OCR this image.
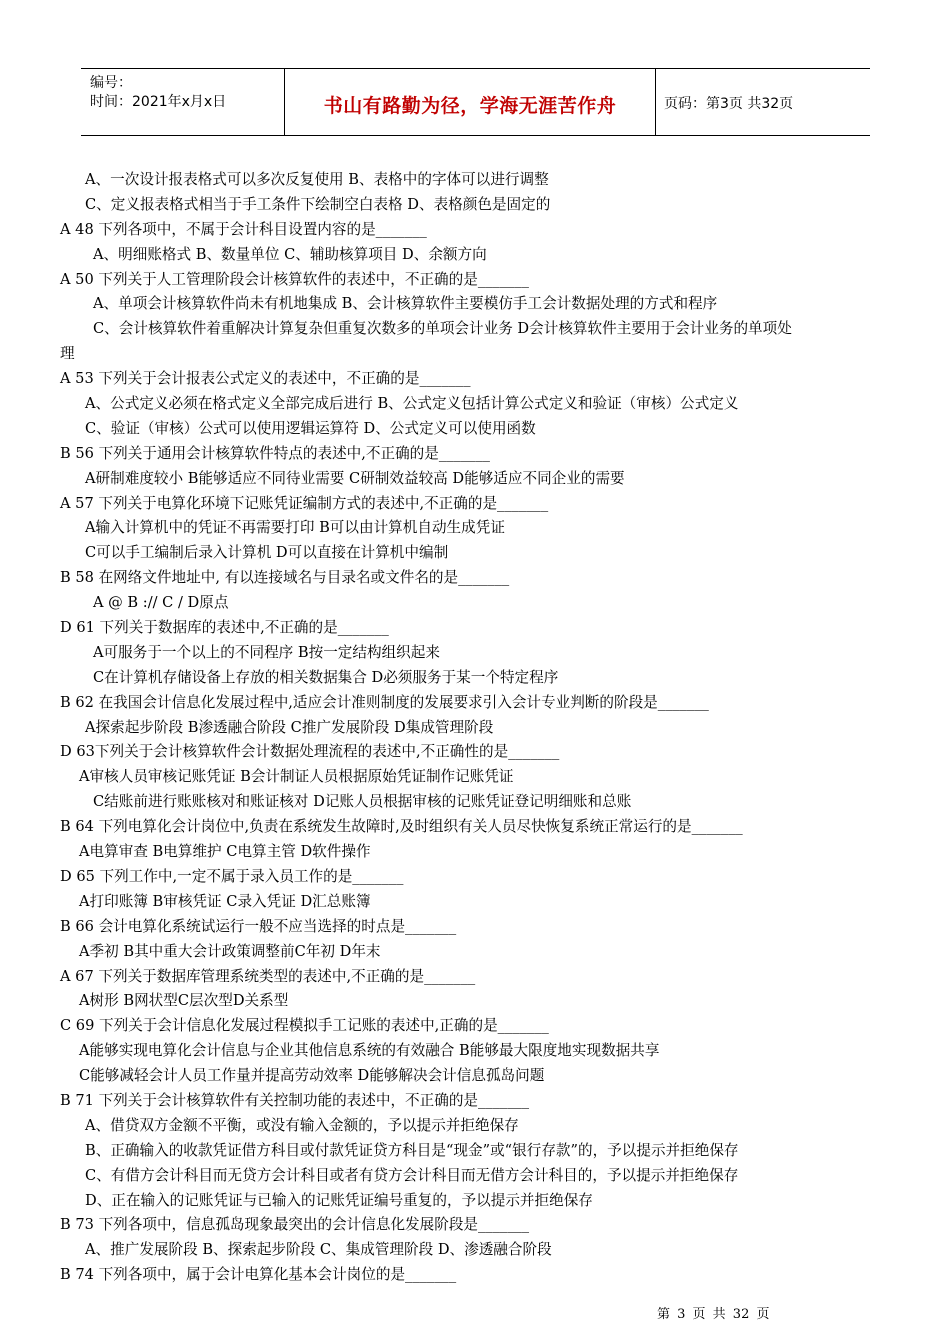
编号：
时间：2021年x月x日	书山有路勤为径，学海无涯苦作舟	页码：第3页 共32页
A、一次设计报表格式可以多次反复使用 B、表格中的字体可以进行调整
C、定义报表格式相当于手工条件下绘制空白表格 D、表格颜色是固定的
A 48 下列各项中，不属于会计科目设置内容的是_______
A、明细账格式 B、数量单位 C、辅助核算项目 D、余额方向
A 50 下列关于人工管理阶段会计核算软件的表述中，不正确的是_______
A、单项会计核算软件尚未有机地集成 B、会计核算软件主要模仿手工会计数据处理的方式和程序
C、会计核算软件着重解决计算复杂但重复次数多的单项会计业务 D会计核算软件主要用于会计业务的单项处
理
A 53 下列关于会计报表公式定义的表述中，不正确的是_______
A、公式定义必须在格式定义全部完成后进行 B、公式定义包括计算公式定义和验证（审核）公式定义
C、验证（审核）公式可以使用逻辑运算符 D、公式定义可以使用函数
B 56 下列关于通用会计核算软件特点的表述中,不正确的是_______
A研制难度较小 B能够适应不同待业需要 C研制效益较高 D能够适应不同企业的需要
A 57 下列关于电算化环境下记账凭证编制方式的表述中,不正确的是_______
A输入计算机中的凭证不再需要打印 B可以由计算机自动生成凭证
C可以手工编制后录入计算机 D可以直接在计算机中编制
B 58 在网络文件地址中, 有以连接域名与目录名或文件名的是_______
A @ B :// C / D原点
D 61 下列关于数据库的表述中,不正确的是_______
A可服务于一个以上的不同程序 B按一定结构组织起来
C在计算机存储设备上存放的相关数据集合 D必须服务于某一个特定程序
B 62 在我国会计信息化发展过程中,适应会计准则制度的发展要求引入会计专业判断的阶段是_______
A探索起步阶段 B渗透融合阶段 C推广发展阶段 D集成管理阶段
D 63下列关于会计核算软件会计数据处理流程的表述中,不正确性的是_______
A审核人员审核记账凭证 B会计制证人员根据原始凭证制作记账凭证
C结账前进行账账核对和账证核对 D记账人员根据审核的记账凭证登记明细账和总账
B 64 下列电算化会计岗位中,负责在系统发生故障时,及时组织有关人员尽快恢复系统正常运行的是_______
A电算审查 B电算维护 C电算主管 D软件操作
D 65 下列工作中,一定不属于录入员工作的是_______
A打印账簿 B审核凭证 C录入凭证 D汇总账簿
B 66 会计电算化系统试运行一般不应当选择的时点是_______
A季初 B其中重大会计政策调整前C年初 D年末
A 67 下列关于数据库管理系统类型的表述中,不正确的是_______
A树形 B网状型C层次型D关系型
C 69 下列关于会计信息化发展过程模拟手工记账的表述中,正确的是_______
A能够实现电算化会计信息与企业其他信息系统的有效融合 B能够最大限度地实现数据共享
C能够减轻会计人员工作量并提高劳动效率 D能够解决会计信息孤岛问题
B 71 下列关于会计核算软件有关控制功能的表述中，不正确的是_______
A、借贷双方金额不平衡，或没有输入金额的，予以提示并拒绝保存
B、正确输入的收款凭证借方科目或付款凭证贷方科目是“现金”或“银行存款”的，予以提示并拒绝保存
C、有借方会计科目而无贷方会计科目或者有贷方会计科目而无借方会计科目的，予以提示并拒绝保存
D、正在输入的记账凭证与已输入的记账凭证编号重复的，予以提示并拒绝保存
B 73 下列各项中，信息孤岛现象最突出的会计信息化发展阶段是_______
A、推广发展阶段 B、探索起步阶段 C、集成管理阶段 D、渗透融合阶段
B 74 下列各项中，属于会计电算化基本会计岗位的是_______
第 3 页 共 32 页
